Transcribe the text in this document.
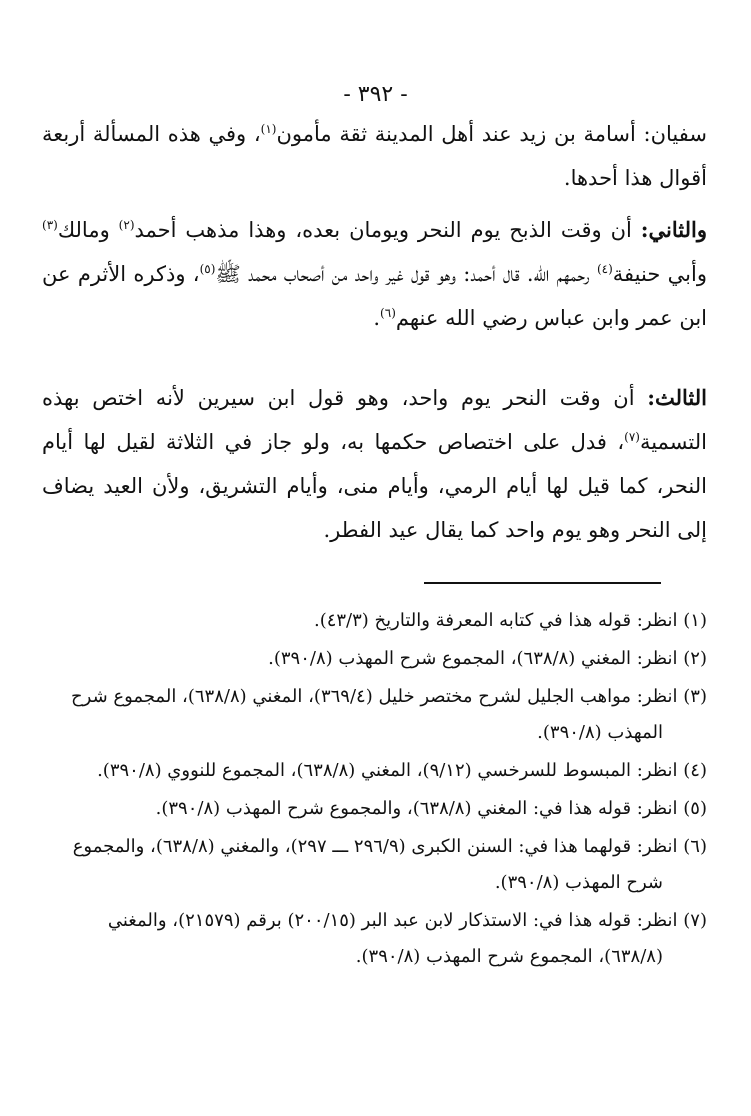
- ٣٩٢ -

سفيان: أسامة بن زيد عند أهل المدينة ثقة مأمون$^{(١)}$، وفي هذه المسألة أربعة أقوال هذا أحدها.

والثاني: أن وقت الذبح يوم النحر ويومان بعده، وهذا مذهب أحمد$^{(٢)}$ ومالك$^{(٣)}$ وأبي حنيفة$^{(٤)}$ رحمهم الله. قال أحمد: وهو قول غير واحد من أصحاب محمد ﷺ$^{(٥)}$، وذكره الأثرم عن ابن عمر وابن عباس رضي الله عنهم$^{(٦)}$.

الثالث: أن وقت النحر يوم واحد، وهو قول ابن سيرين لأنه اختص بهذه التسمية$^{(٧)}$، فدل على اختصاص حكمها به، ولو جاز في الثلاثة لقيل لها أيام النحر، كما قيل لها أيام الرمي، وأيام منى، وأيام التشريق، ولأن العيد يضاف إلى النحر وهو يوم واحد كما يقال عيد الفطر.

(١) انظر: قوله هذا في كتابه المعرفة والتاريخ (٤٣/٣).

(٢) انظر: المغني (٦٣٨/٨)، المجموع شرح المهذب (٣٩٠/٨).

(٣) انظر: مواهب الجليل لشرح مختصر خليل (٣٦٩/٤)، المغني (٦٣٨/٨)، المجموع شرح المهذب (٣٩٠/٨).

(٤) انظر: المبسوط للسرخسي (٩/١٢)، المغني (٦٣٨/٨)، المجموع للنووي (٣٩٠/٨).

(٥) انظر: قوله هذا في: المغني (٦٣٨/٨)، والمجموع شرح المهذب (٣٩٠/٨).

(٦) انظر: قولهما هذا في: السنن الكبرى (٢٩٦/٩ ـــ ٢٩٧)، والمغني (٦٣٨/٨)، والمجموع شرح المهذب (٣٩٠/٨).

(٧) انظر: قوله هذا في: الاستذكار لابن عبد البر (٢٠٠/١٥) برقم (٢١٥٧٩)، والمغني (٦٣٨/٨)، المجموع شرح المهذب (٣٩٠/٨).
